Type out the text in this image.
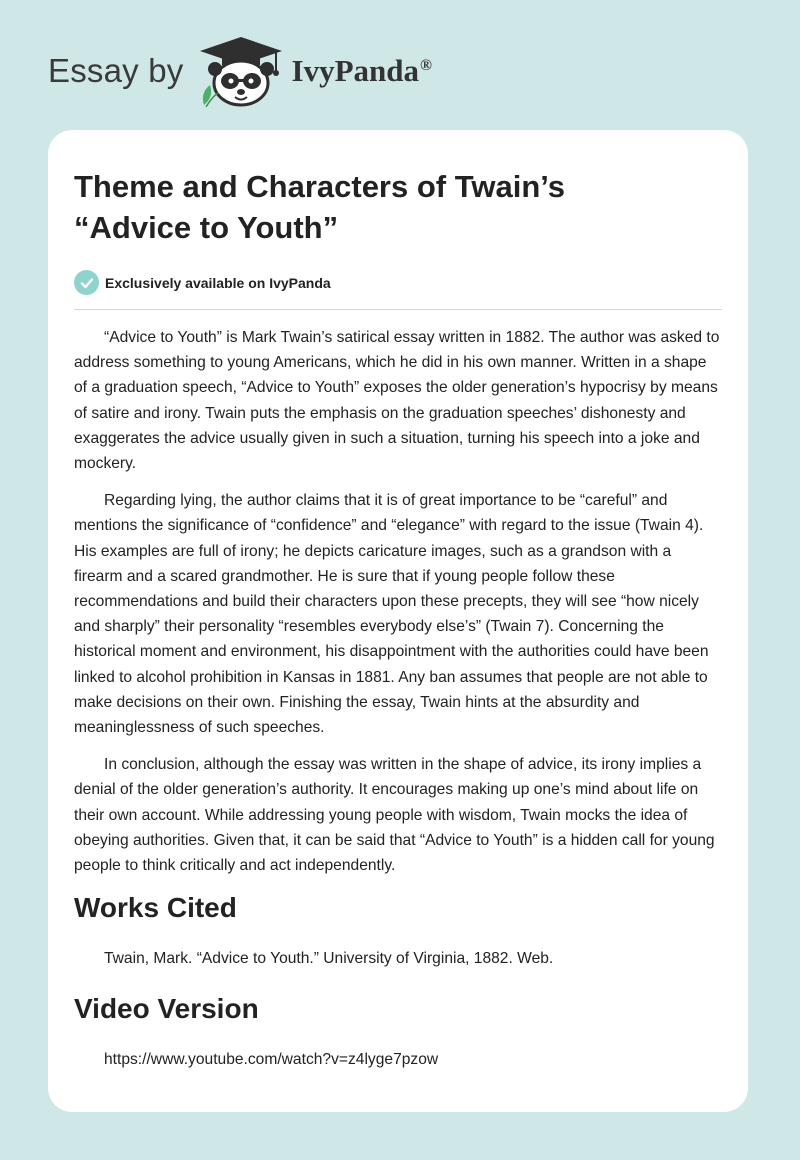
Essay by	IvyPanda®
Theme and Characters of Twain’s
“Advice to Youth”
Exclusively available on IvyPanda

“Advice to Youth” is Mark Twain’s satirical essay written in 1882. The author was asked to address something to young Americans, which he did in his own manner. Written in a shape of a graduation speech, “Advice to Youth” exposes the older generation’s hypocrisy by means of satire and irony. Twain puts the emphasis on the graduation speeches’ dishonesty and exaggerates the advice usually given in such a situation, turning his speech into a joke and mockery.

Regarding lying, the author claims that it is of great importance to be “careful” and mentions the significance of “confidence” and “elegance” with regard to the issue (Twain 4). His examples are full of irony; he depicts caricature images, such as a grandson with a firearm and a scared grandmother. He is sure that if young people follow these recommendations and build their characters upon these precepts, they will see “how nicely and sharply” their personality “resembles everybody else’s” (Twain 7). Concerning the historical moment and environment, his disappointment with the authorities could have been linked to alcohol prohibition in Kansas in 1881. Any ban assumes that people are not able to make decisions on their own. Finishing the essay, Twain hints at the absurdity and meaninglessness of such speeches.

In conclusion, although the essay was written in the shape of advice, its irony implies a denial of the older generation’s authority. It encourages making up one’s mind about life on their own account. While addressing young people with wisdom, Twain mocks the idea of obeying authorities. Given that, it can be said that “Advice to Youth” is a hidden call for young people to think critically and act independently.

Works Cited
Twain, Mark. “Advice to Youth.” University of Virginia, 1882. Web.
Video Version
https://www.youtube.com/watch?v=z4lyge7pzow
